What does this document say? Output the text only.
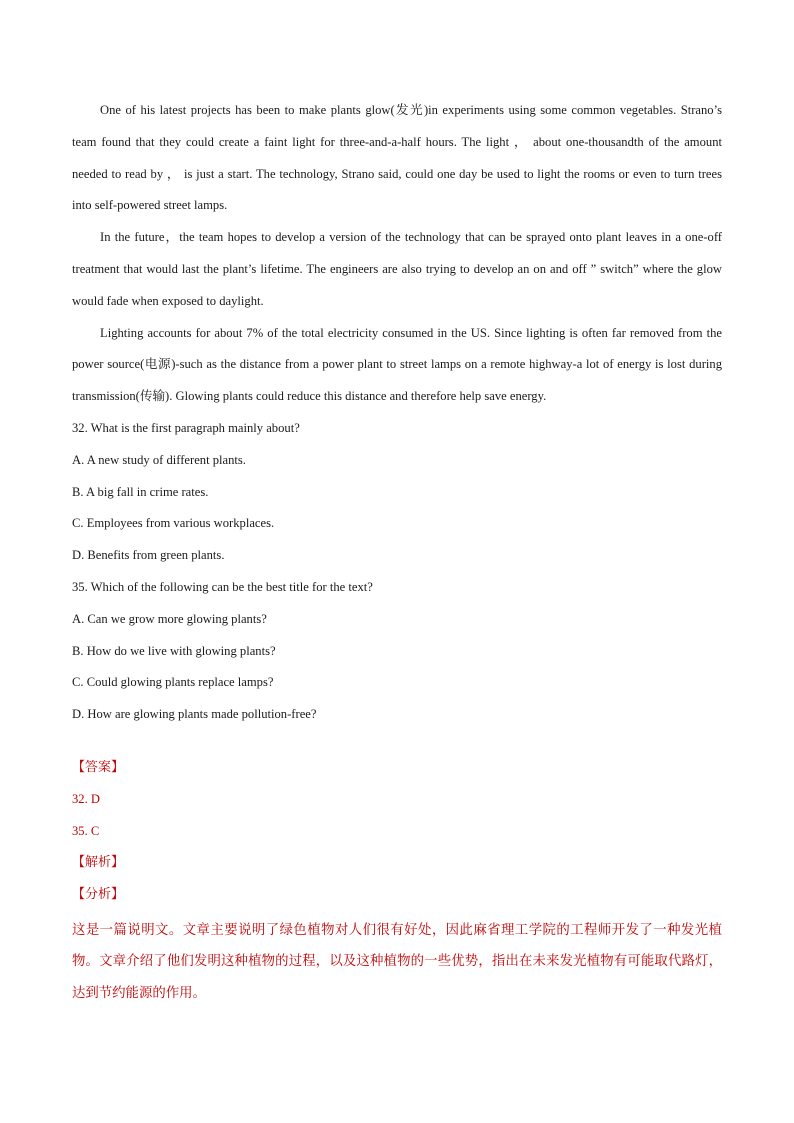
One of his latest projects has been to make plants glow(发光)in experiments using some common vegetables. Strano’s team found that they could create a faint light for three-and-a-half hours. The light ， about one-thousandth of the amount needed to read by ， is just a start. The technology, Strano said, could one day be used to light the rooms or even to turn trees into self-powered street lamps.

In the future，the team hopes to develop a version of the technology that can be sprayed onto plant leaves in a one-off treatment that would last the plant’s lifetime. The engineers are also trying to develop an on and off ” switch” where the glow would fade when exposed to daylight.

Lighting accounts for about 7% of the total electricity consumed in the US. Since lighting is often far removed from the power source(电源)-such as the distance from a power plant to street lamps on a remote highway-a lot of energy is lost during transmission(传输). Glowing plants could reduce this distance and therefore help save energy.

32. What is the first paragraph mainly about?

A. A new study of different plants.

B. A big fall in crime rates.

C. Employees from various workplaces.

D. Benefits from green plants.

35. Which of the following can be the best title for the text?

A. Can we grow more glowing plants?

B. How do we live with glowing plants?

C. Could glowing plants replace lamps?

D. How are glowing plants made pollution-free?

【答案】

32. D

35. C

【解析】

【分析】

这是一篇说明文。文章主要说明了绿色植物对人们很有好处，因此麻省理工学院的工程师开发了一种发光植物。文章介绍了他们发明这种植物的过程，以及这种植物的一些优势，指出在未来发光植物有可能取代路灯，达到节约能源的作用。
